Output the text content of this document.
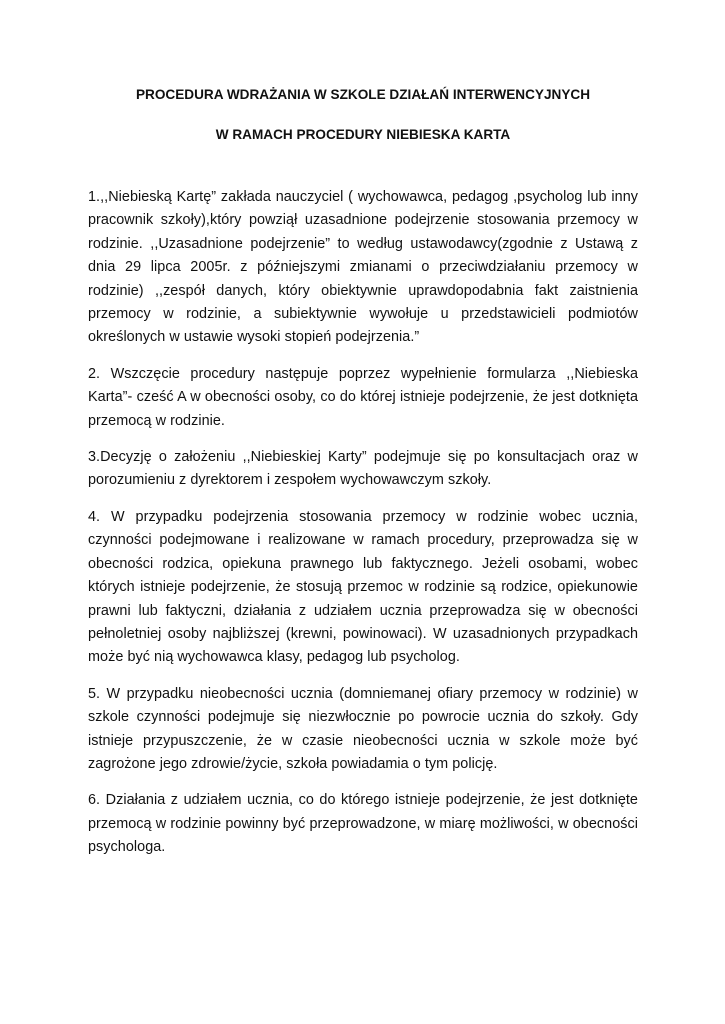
PROCEDURA WDRAŻANIA W SZKOLE DZIAŁAŃ INTERWENCYJNYCH
W RAMACH PROCEDURY NIEBIESKA KARTA

1.,,Niebieską Kartę” zakłada nauczyciel ( wychowawca, pedagog ,psycholog lub inny pracownik szkoły),który powziął uzasadnione podejrzenie stosowania przemocy w rodzinie. ,,Uzasadnione podejrzenie” to według ustawodawcy(zgodnie z Ustawą z dnia 29 lipca 2005r. z późniejszymi zmianami o przeciwdziałaniu przemocy w rodzinie) ,,zespół danych, który obiektywnie uprawdopodabnia fakt zaistnienia przemocy w rodzinie, a subiektywnie wywołuje u przedstawicieli podmiotów określonych w ustawie wysoki stopień podejrzenia.”

2. Wszczęcie procedury następuje poprzez wypełnienie formularza ,,Niebieska Karta”- cześć A w obecności osoby, co do której istnieje podejrzenie, że jest dotknięta przemocą w rodzinie.

3.Decyzję o założeniu ,,Niebieskiej Karty” podejmuje się po konsultacjach oraz w porozumieniu z dyrektorem i zespołem wychowawczym szkoły.

4. W przypadku podejrzenia stosowania przemocy w rodzinie wobec ucznia, czynności podejmowane i realizowane w ramach procedury, przeprowadza się w obecności rodzica, opiekuna prawnego lub faktycznego. Jeżeli osobami, wobec których istnieje podejrzenie, że stosują przemoc w rodzinie są rodzice, opiekunowie prawni lub faktyczni, działania z udziałem ucznia przeprowadza się w obecności pełnoletniej osoby najbliższej (krewni, powinowaci). W uzasadnionych przypadkach może być nią wychowawca klasy, pedagog lub psycholog.

5. W przypadku nieobecności ucznia (domniemanej ofiary przemocy w rodzinie) w szkole czynności podejmuje się niezwłocznie po powrocie ucznia do szkoły. Gdy istnieje przypuszczenie, że w czasie nieobecności ucznia w szkole może być zagrożone jego zdrowie/życie, szkoła powiadamia o tym policję.

6. Działania z udziałem ucznia, co do którego istnieje podejrzenie, że jest dotknięte przemocą w rodzinie powinny być przeprowadzone, w miarę możliwości, w obecności psychologa.
